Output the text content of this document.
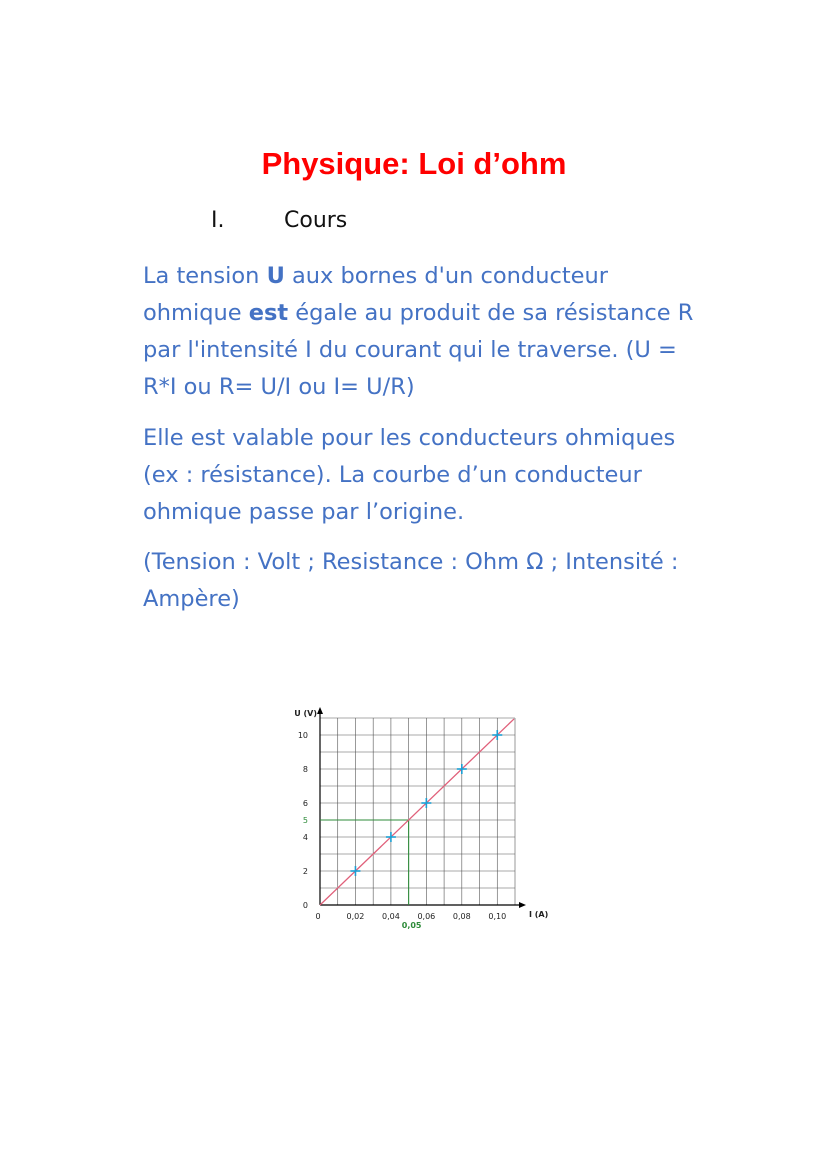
Physique: Loi d’ohm
I.	Cours

La tension U aux bornes d'un conducteur ohmique est égale au produit de sa résistance R par l'intensité I du courant qui le traverse. (U = R*I ou R= U/I ou I= U/R)

Elle est valable pour les conducteurs ohmiques (ex : résistance). La courbe d’un conducteur ohmique passe par l’origine.

(Tension : Volt ; Resistance : Ohm Ω ; Intensité : Ampère)

0
2
4
6
8
10
0	0,02 0,04 0,06 0,08 0,10
5
0,05
U (V)
I (A)
